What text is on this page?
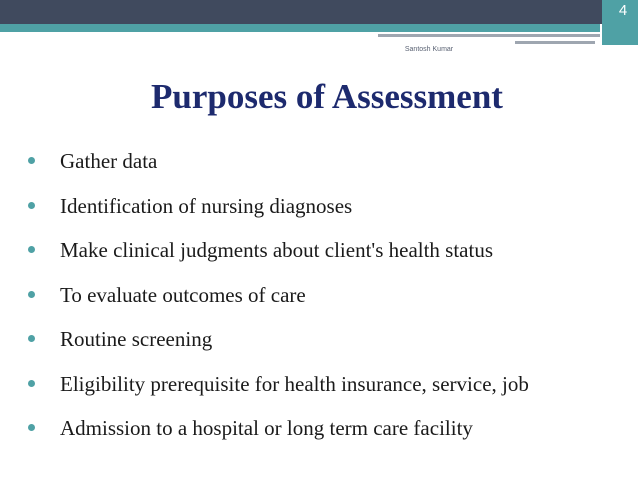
4
Santosh Kumar
Purposes of Assessment
Gather data
Identification of nursing diagnoses
Make clinical judgments about client's health status
To evaluate outcomes of care
Routine screening
Eligibility prerequisite for health insurance, service, job
Admission to a hospital or long term care facility
